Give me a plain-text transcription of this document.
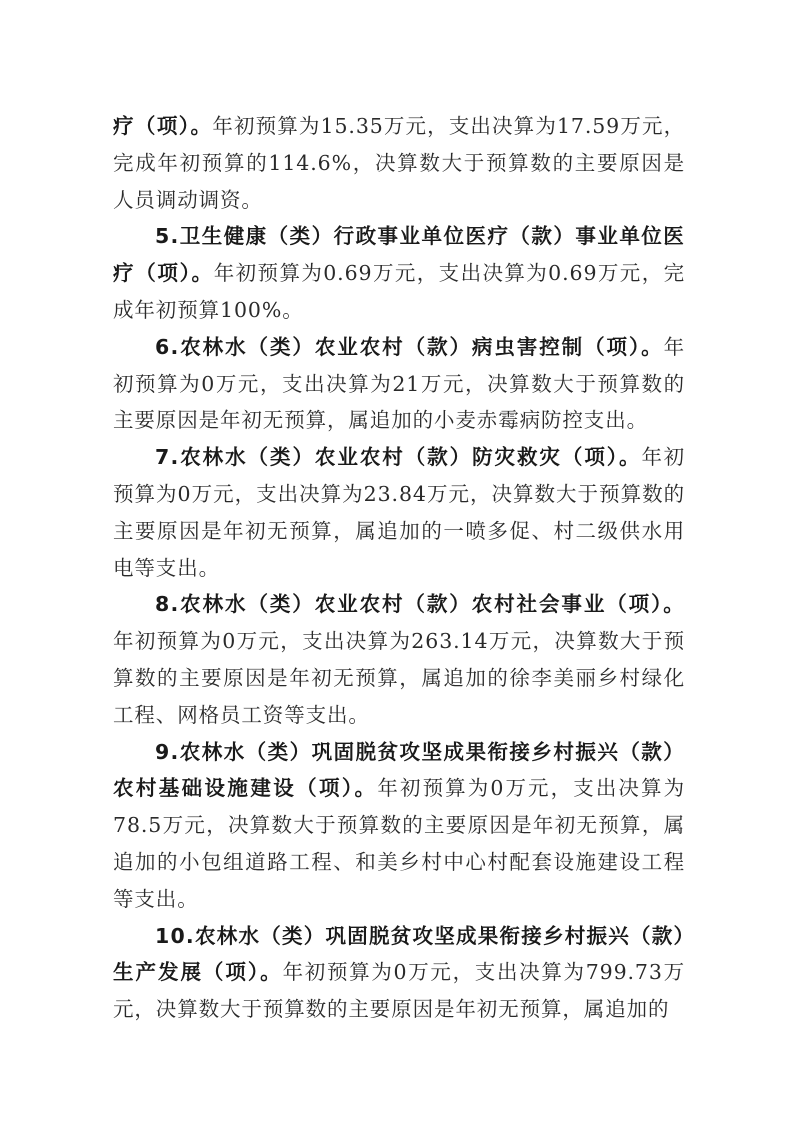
疗（项）。年初预算为15.35万元，支出决算为17.59万元，完成年初预算的114.6%，决算数大于预算数的主要原因是人员调动调资。

5.卫生健康（类）行政事业单位医疗（款）事业单位医疗（项）。年初预算为0.69万元，支出决算为0.69万元，完成年初预算100%。

6.农林水（类）农业农村（款）病虫害控制（项）。年初预算为0万元，支出决算为21万元，决算数大于预算数的主要原因是年初无预算，属追加的小麦赤霉病防控支出。

7.农林水（类）农业农村（款）防灾救灾（项）。年初预算为0万元，支出决算为23.84万元，决算数大于预算数的主要原因是年初无预算，属追加的一喷多促、村二级供水用电等支出。

8.农林水（类）农业农村（款）农村社会事业（项）。年初预算为0万元，支出决算为263.14万元，决算数大于预算数的主要原因是年初无预算，属追加的徐李美丽乡村绿化工程、网格员工资等支出。

9.农林水（类）巩固脱贫攻坚成果衔接乡村振兴（款）农村基础设施建设（项）。年初预算为0万元，支出决算为78.5万元，决算数大于预算数的主要原因是年初无预算，属追加的小包组道路工程、和美乡村中心村配套设施建设工程等支出。

10.农林水（类）巩固脱贫攻坚成果衔接乡村振兴（款）生产发展（项）。年初预算为0万元，支出决算为799.73万元，决算数大于预算数的主要原因是年初无预算，属追加的
